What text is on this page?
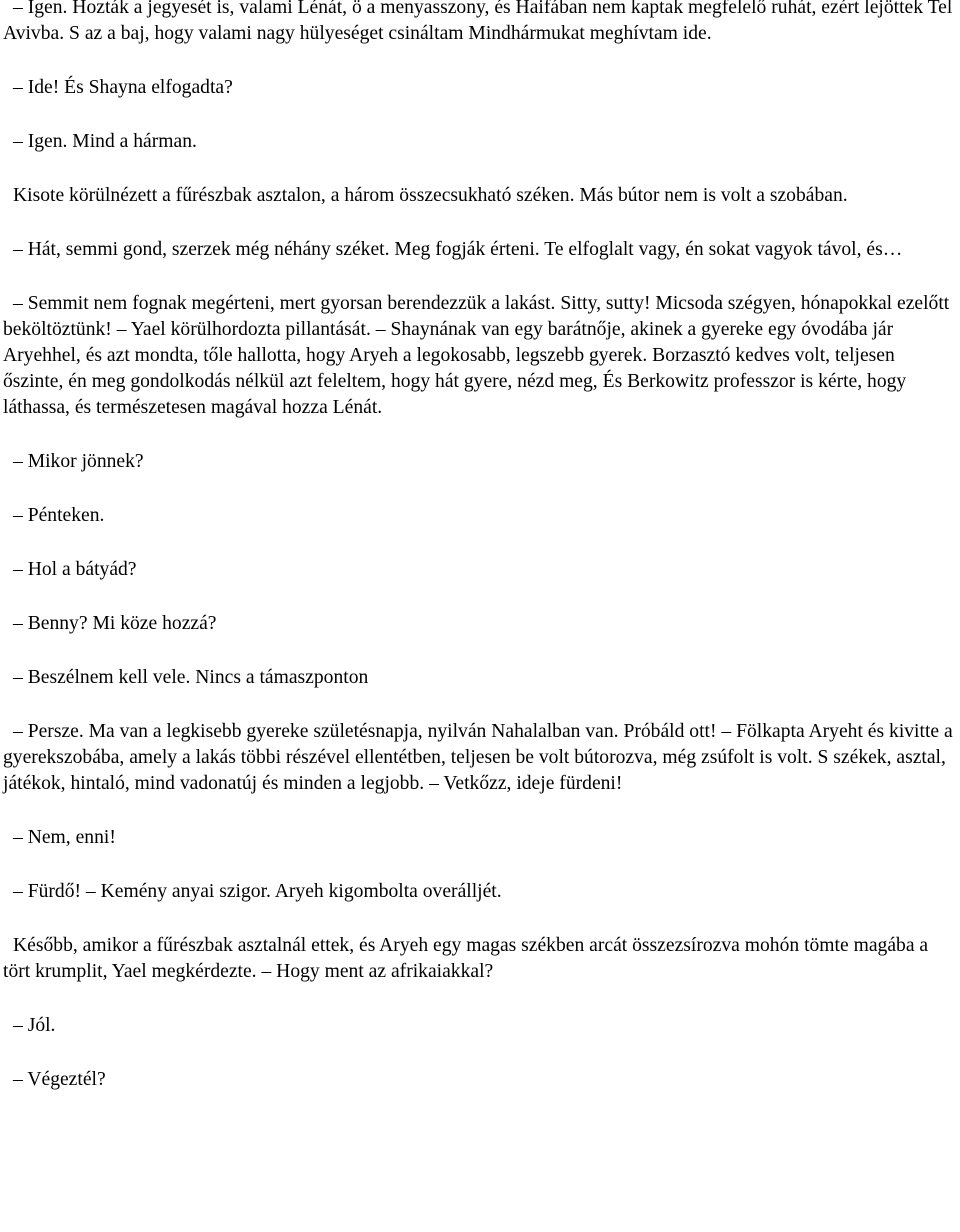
– Igen. Hozták a jegyesét is, valami Lénát, ö a menyasszony, és Haifában nem kaptak megfelelő ruhát, ezért lejöttek Tel Avivba. S az a baj, hogy valami nagy hülyeséget csináltam Mindhármukat meghívtam ide.

– Ide! És Shayna elfogadta?

– Igen. Mind a hárman.

Kisote körülnézett a fűrészbak asztalon, a három összecsukható széken. Más bútor nem is volt a szobában.

– Hát, semmi gond, szerzek még néhány széket. Meg fogják érteni. Te elfoglalt vagy, én sokat vagyok távol, és…

– Semmit nem fognak megérteni, mert gyorsan berendezzük a lakást. Sitty, sutty! Micsoda szégyen, hónapokkal ezelőtt beköltöztünk! – Yael körülhordozta pillantását. – Shaynának van egy barátnője, akinek a gyereke egy óvodába jár Aryehhel, és azt mondta, tőle hallotta, hogy Aryeh a legokosabb, legszebb gyerek. Borzasztó kedves volt, teljesen őszinte, én meg gondolkodás nélkül azt feleltem, hogy hát gyere, nézd meg, És Berkowitz professzor is kérte, hogy láthassa, és természetesen magával hozza Lénát.

– Mikor jönnek?

– Pénteken.

– Hol a bátyád?

– Benny? Mi köze hozzá?

– Beszélnem kell vele. Nincs a támaszponton

– Persze. Ma van a legkisebb gyereke születésnapja, nyilván Nahalalban van. Próbáld ott! – Fölkapta Aryeht és kivitte a gyerekszobába, amely a lakás többi részével ellentétben, teljesen be volt bútorozva, még zsúfolt is volt. S székek, asztal, játékok, hintaló, mind vadonatúj és minden a legjobb. – Vetkőzz, ideje fürdeni!

– Nem, enni!

– Fürdő! – Kemény anyai szigor. Aryeh kigombolta overálljét.

Később, amikor a fűrészbak asztalnál ettek, és Aryeh egy magas székben arcát összezsírozva mohón tömte magába a tört krumplit, Yael megkérdezte. – Hogy ment az afrikaiakkal?

– Jól.

– Végeztél?
